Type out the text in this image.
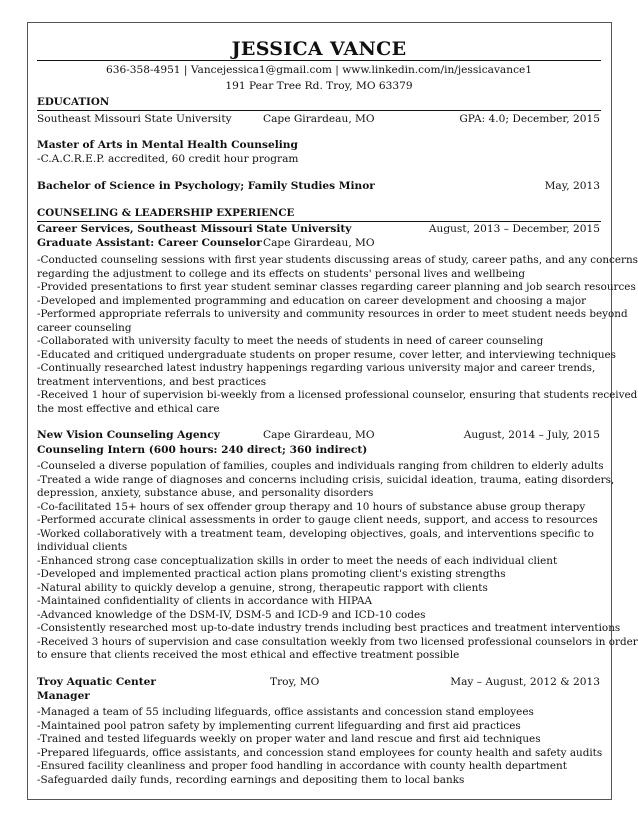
JESSICA VANCE
636-358-4951 | Vancejessica1@gmail.com | www.linkedin.com/in/jessicavance1
191 Pear Tree Rd. Troy, MO 63379
EDUCATION
Southeast Missouri State University	Cape Girardeau, MO	GPA: 4.0; December, 2015
Master of Arts in Mental Health Counseling
-C.A.C.R.E.P. accredited, 60 credit hour program
Bachelor of Science in Psychology; Family Studies Minor	May, 2013
COUNSELING & LEADERSHIP EXPERIENCE
Career Services, Southeast Missouri State University	August, 2013 – December, 2015
Graduate Assistant: Career Counselor Cape Girardeau, MO
-Conducted counseling sessions with first year students discussing areas of study, career paths, and any concerns
regarding the adjustment to college and its effects on students' personal lives and wellbeing
-Provided presentations to first year student seminar classes regarding career planning and job search resources
-Developed and implemented programming and education on career development and choosing a major
-Performed appropriate referrals to university and community resources in order to meet student needs beyond
career counseling
-Collaborated with university faculty to meet the needs of students in need of career counseling
-Educated and critiqued undergraduate students on proper resume, cover letter, and interviewing techniques
-Continually researched latest industry happenings regarding various university major and career trends,
treatment interventions, and best practices
-Received 1 hour of supervision bi-weekly from a licensed professional counselor, ensuring that students received
the most effective and ethical care
New Vision Counseling Agency	Cape Girardeau, MO	August, 2014 – July, 2015
Counseling Intern (600 hours: 240 direct; 360 indirect)
-Counseled a diverse population of families, couples and individuals ranging from children to elderly adults
-Treated a wide range of diagnoses and concerns including crisis, suicidal ideation, trauma, eating disorders,
depression, anxiety, substance abuse, and personality disorders
-Co-facilitated 15+ hours of sex offender group therapy and 10 hours of substance abuse group therapy
-Performed accurate clinical assessments in order to gauge client needs, support, and access to resources
-Worked collaboratively with a treatment team, developing objectives, goals, and interventions specific to
individual clients
-Enhanced strong case conceptualization skills in order to meet the needs of each individual client
-Developed and implemented practical action plans promoting client's existing strengths
-Natural ability to quickly develop a genuine, strong, therapeutic rapport with clients
-Maintained confidentiality of clients in accordance with HIPAA
-Advanced knowledge of the DSM-IV, DSM-5 and ICD-9 and ICD-10 codes
-Consistently researched most up-to-date industry trends including best practices and treatment interventions
-Received 3 hours of supervision and case consultation weekly from two licensed professional counselors in order
to ensure that clients received the most ethical and effective treatment possible
Troy Aquatic Center	Troy, MO	May – August, 2012 & 2013
Manager
-Managed a team of 55 including lifeguards, office assistants and concession stand employees
-Maintained pool patron safety by implementing current lifeguarding and first aid practices
-Trained and tested lifeguards weekly on proper water and land rescue and first aid techniques
-Prepared lifeguards, office assistants, and concession stand employees for county health and safety audits
-Ensured facility cleanliness and proper food handling in accordance with county health department
-Safeguarded daily funds, recording earnings and depositing them to local banks
